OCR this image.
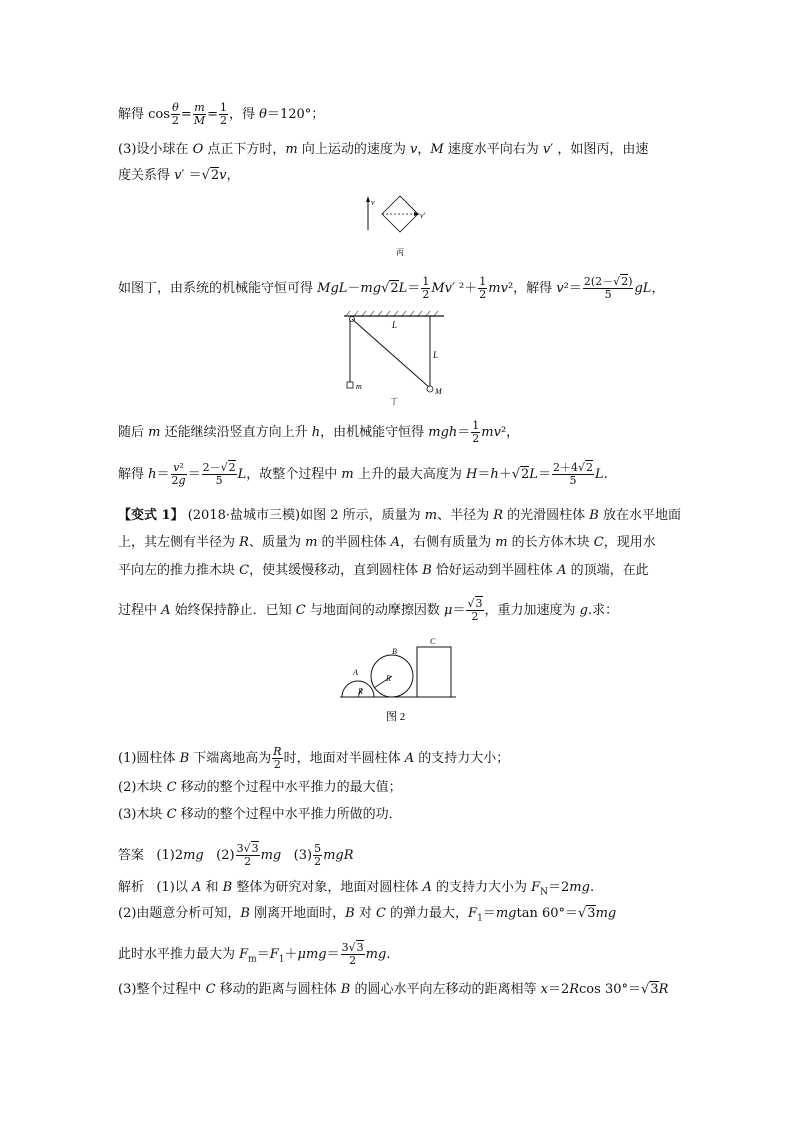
解得 $\cos \frac{\theta}{2} = \frac{m}{M} = \frac{1}{2}$ ，得 θ＝120°；
(3)设小球在 O 点正下方时，m 向上运动的速度为 v，M 速度水平向右为 v′ ，如图丙，由速
度关系得 v′ ＝√2v，
v
v′
丙
如图丁，由系统的机械能守恒可得 $MgL-mg√2L= \frac{1}{2} Mv'$ $^2+ \frac{1}{2} mv^2$，解得 $v^2= \frac{2(2-√2)}{5}$ gL，
L
L
m
M
丁
随后 m 还能继续沿竖直方向上升 h，由机械能守恒得 $mgh= \frac{1}{2} mv^2$，
解得 $h= \frac{\text{v²}}{2g} = \frac{2-√2}{5}$ L，故整个过程中 m 上升的最大高度为 $H=h+√2L= \frac{2+4√2}{5} L$.
【变式 1】 (2018·盐城市三模)如图 2 所示，质量为 m、半径为 R 的光滑圆柱体 B 放在水平地面
上，其左侧有半径为 R、质量为 m 的半圆柱体 A，右侧有质量为 m 的长方体木块 C，现用水
平向左的推力推木块 C，使其缓慢移动，直到圆柱体 B 恰好运动到半圆柱体 A 的顶端，在此
过程中 A 始终保持静止．已知 C 与地面间的动摩擦因数 $\mu= \frac{√3}{2}$ ，重力加速度为 g.求：
A
R
B
R
C
图 2
(1)圆柱体 B 下端离地高为 $\frac{R}{2}$ 时，地面对半圆柱体 A 的支持力大小；
(2)木块 C 移动的整个过程中水平推力的最大值；
(3)木块 C 移动的整个过程中水平推力所做的功．
答案   (1)2mg   $(2) \frac{3√3}{2}$ mg   $(3) \frac{5}{2}$ mgR
解析   (1)以 A 和 B 整体为研究对象，地面对圆柱体 A 的支持力大小为 $F_N=2mg$.
(2)由题意分析可知，B 刚离开地面时，B 对 C 的弹力最大，$F_1=mgtan$ 60°＝√3mg
此时水平推力最大为 $F_m=F_1+\mu mg= \frac{3√3}{2}$ mg.
(3)整个过程中 C 移动的距离与圆柱体 B 的圆心水平向左移动的距离相等 x＝2Rcos 30°＝√3R
